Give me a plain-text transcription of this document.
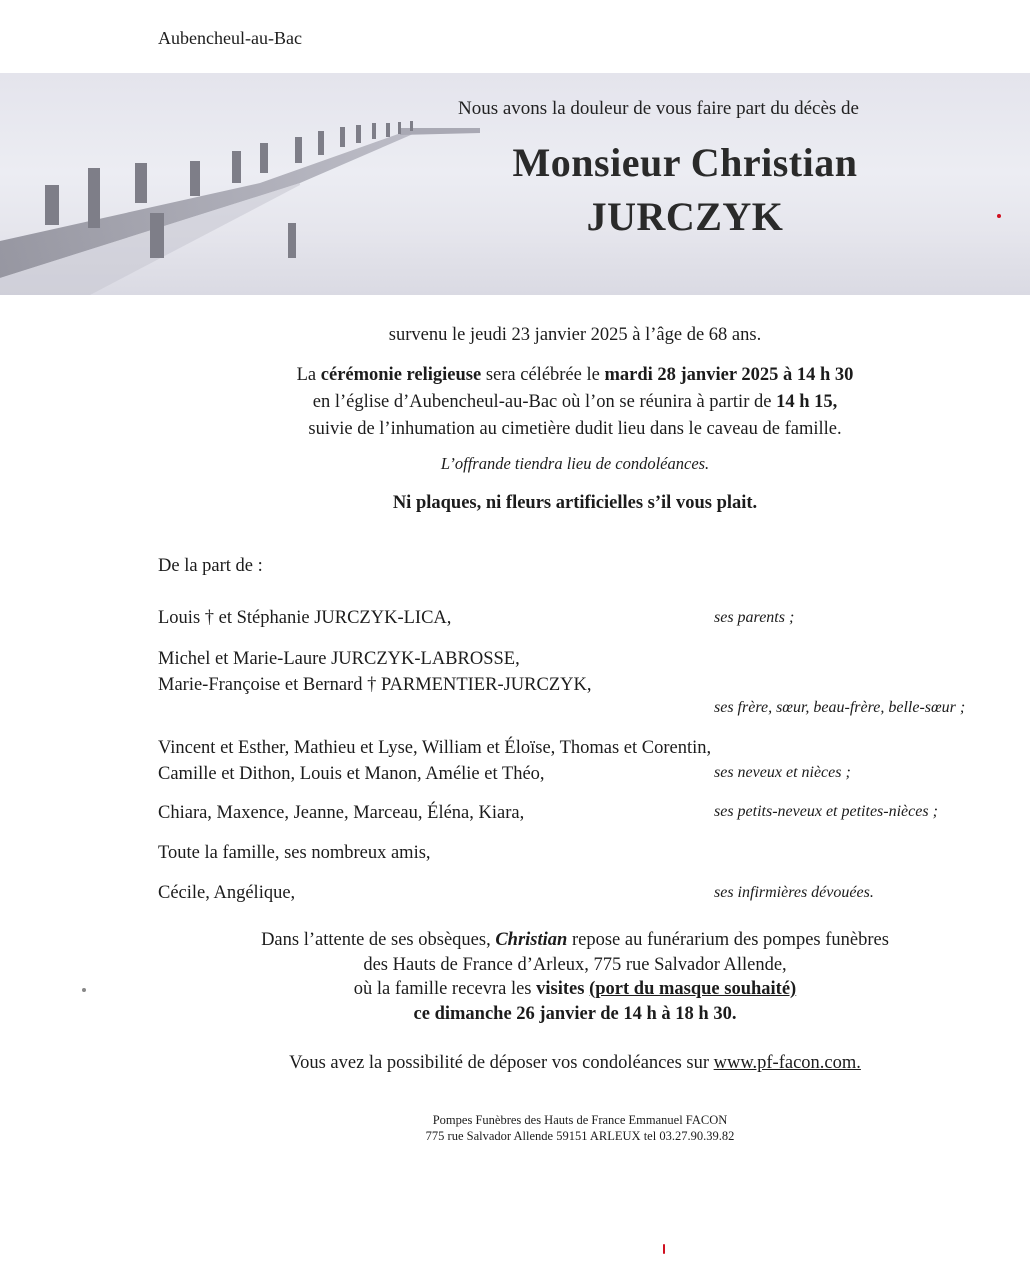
Aubencheul-au-Bac
Nous avons la douleur de vous faire part du décès de
Monsieur Christian
JURCZYK
survenu le jeudi 23 janvier 2025 à l’âge de 68 ans.
La cérémonie religieuse sera célébrée le mardi 28 janvier 2025 à 14 h 30
en l’église d’Aubencheul-au-Bac où l’on se réunira à partir de 14 h 15,
suivie de l’inhumation au cimetière dudit lieu dans le caveau de famille.
L’offrande tiendra lieu de condoléances.
Ni plaques, ni fleurs artificielles s’il vous plait.
De la part de :
Louis † et Stéphanie JURCZYK-LICA,	ses parents ;
Michel et Marie-Laure JURCZYK-LABROSSE,
Marie-Françoise et Bernard † PARMENTIER-JURCZYK,
ses frère, sœur, beau-frère, belle-sœur ;
Vincent et Esther, Mathieu et Lyse, William et Éloïse, Thomas et Corentin,
Camille et Dithon, Louis et Manon, Amélie et Théo,	ses neveux et nièces ;
Chiara, Maxence, Jeanne, Marceau, Éléna, Kiara,	ses petits-neveux et petites-nièces ;
Toute la famille, ses nombreux amis,
Cécile, Angélique,	ses infirmières dévouées.
Dans l’attente de ses obsèques, Christian repose au funérarium des pompes funèbres
des Hauts de France d’Arleux, 775 rue Salvador Allende,
où la famille recevra les visites (port du masque souhaité)
ce dimanche 26 janvier de 14 h à 18 h 30.
Vous avez la possibilité de déposer vos condoléances sur www.pf-facon.com.
Pompes Funèbres des Hauts de France Emmanuel FACON
775 rue Salvador Allende 59151 ARLEUX tel 03.27.90.39.82
